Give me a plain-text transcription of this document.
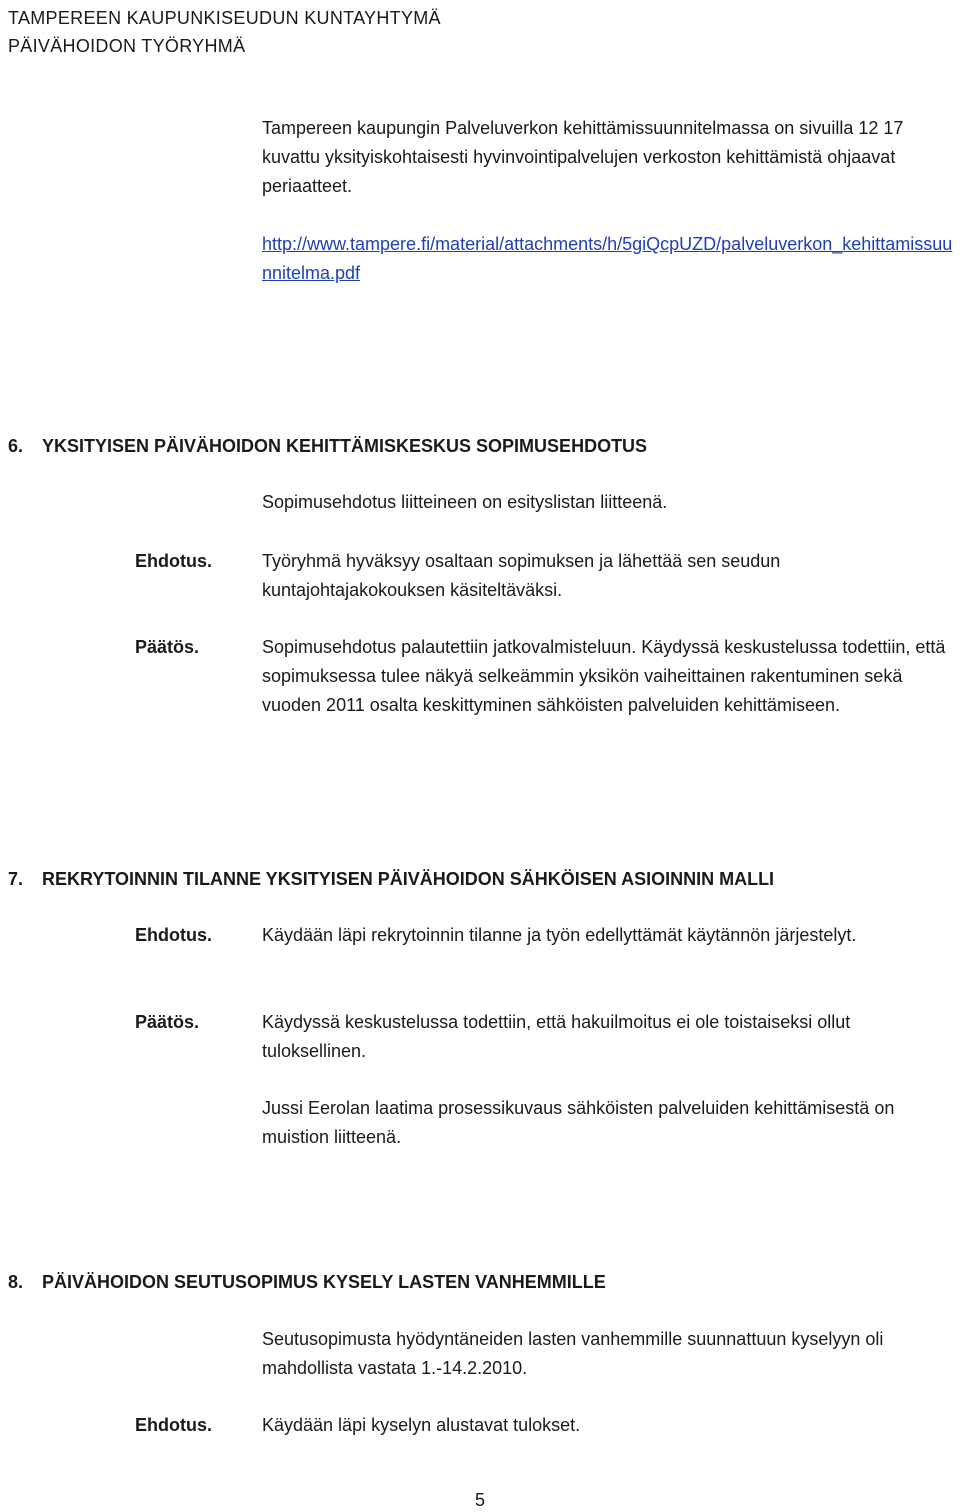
TAMPEREEN KAUPUNKISEUDUN KUNTAYHTYMÄ
PÄIVÄHOIDON TYÖRYHMÄ

Tampereen kaupungin Palveluverkon kehittämissuunnitelmassa on sivuilla 12 17 kuvattu yksityiskohtaisesti hyvinvointipalvelujen verkoston kehittämistä ohjaavat periaatteet.

http://www.tampere.fi/material/attachments/h/5giQcpUZD/palveluverkon_kehittamissuunnitelma.pdf

6. YKSITYISEN PÄIVÄHOIDON KEHITTÄMISKESKUS SOPIMUSEHDOTUS
Sopimusehdotus liitteineen on esityslistan liitteenä.
Ehdotus.	Työryhmä hyväksyy osaltaan sopimuksen ja lähettää sen seudun kuntajohtajakokouksen käsiteltäväksi.
Päätös.	Sopimusehdotus palautettiin jatkovalmisteluun. Käydyssä keskustelussa todettiin, että sopimuksessa tulee näkyä selkeämmin yksikön vaiheittainen rakentuminen sekä vuoden 2011 osalta keskittyminen sähköisten palveluiden kehittämiseen.
7. REKRYTOINNIN TILANNE YKSITYISEN PÄIVÄHOIDON SÄHKÖISEN ASIOINNIN MALLI
Ehdotus.	Käydään läpi rekrytoinnin tilanne ja työn edellyttämät käytännön järjestelyt.
Päätös.	Käydyssä keskustelussa todettiin, että hakuilmoitus ei ole toistaiseksi ollut tuloksellinen.
Jussi Eerolan laatima prosessikuvaus sähköisten palveluiden kehittämisestä on muistion liitteenä.
8. PÄIVÄHOIDON SEUTUSOPIMUS KYSELY LASTEN VANHEMMILLE
Seutusopimusta hyödyntäneiden lasten vanhemmille suunnattuun kyselyyn oli mahdollista vastata 1.-14.2.2010.
Ehdotus.	Käydään läpi kyselyn alustavat tulokset.
5
